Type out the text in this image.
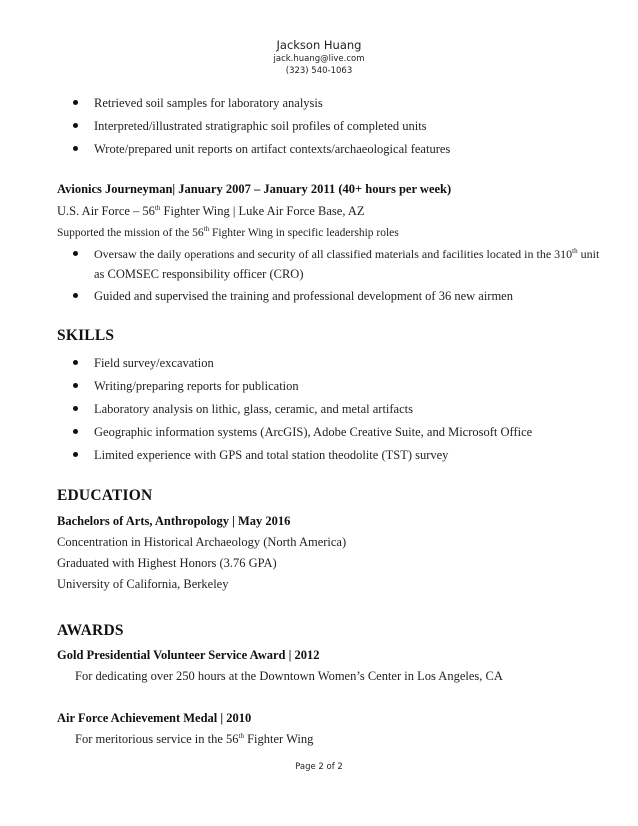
Jackson Huang
jack.huang@live.com
(323) 540-1063
Retrieved soil samples for laboratory analysis
Interpreted/illustrated stratigraphic soil profiles of completed units
Wrote/prepared unit reports on artifact contexts/archaeological features
Avionics Journeyman| January 2007 – January 2011 (40+ hours per week)
U.S. Air Force – 56th Fighter Wing | Luke Air Force Base, AZ
Supported the mission of the 56th Fighter Wing in specific leadership roles
Oversaw the daily operations and security of all classified materials and facilities located in the 310th unit
as COMSEC responsibility officer (CRO)
Guided and supervised the training and professional development of 36 new airmen
SKILLS
Field survey/excavation
Writing/preparing reports for publication
Laboratory analysis on lithic, glass, ceramic, and metal artifacts
Geographic information systems (ArcGIS), Adobe Creative Suite, and Microsoft Office
Limited experience with GPS and total station theodolite (TST) survey
EDUCATION
Bachelors of Arts, Anthropology | May 2016
Concentration in Historical Archaeology (North America)
Graduated with Highest Honors (3.76 GPA)
University of California, Berkeley
AWARDS
Gold Presidential Volunteer Service Award | 2012
For dedicating over 250 hours at the Downtown Women’s Center in Los Angeles, CA
Air Force Achievement Medal | 2010
For meritorious service in the 56th Fighter Wing
Page 2 of 2
